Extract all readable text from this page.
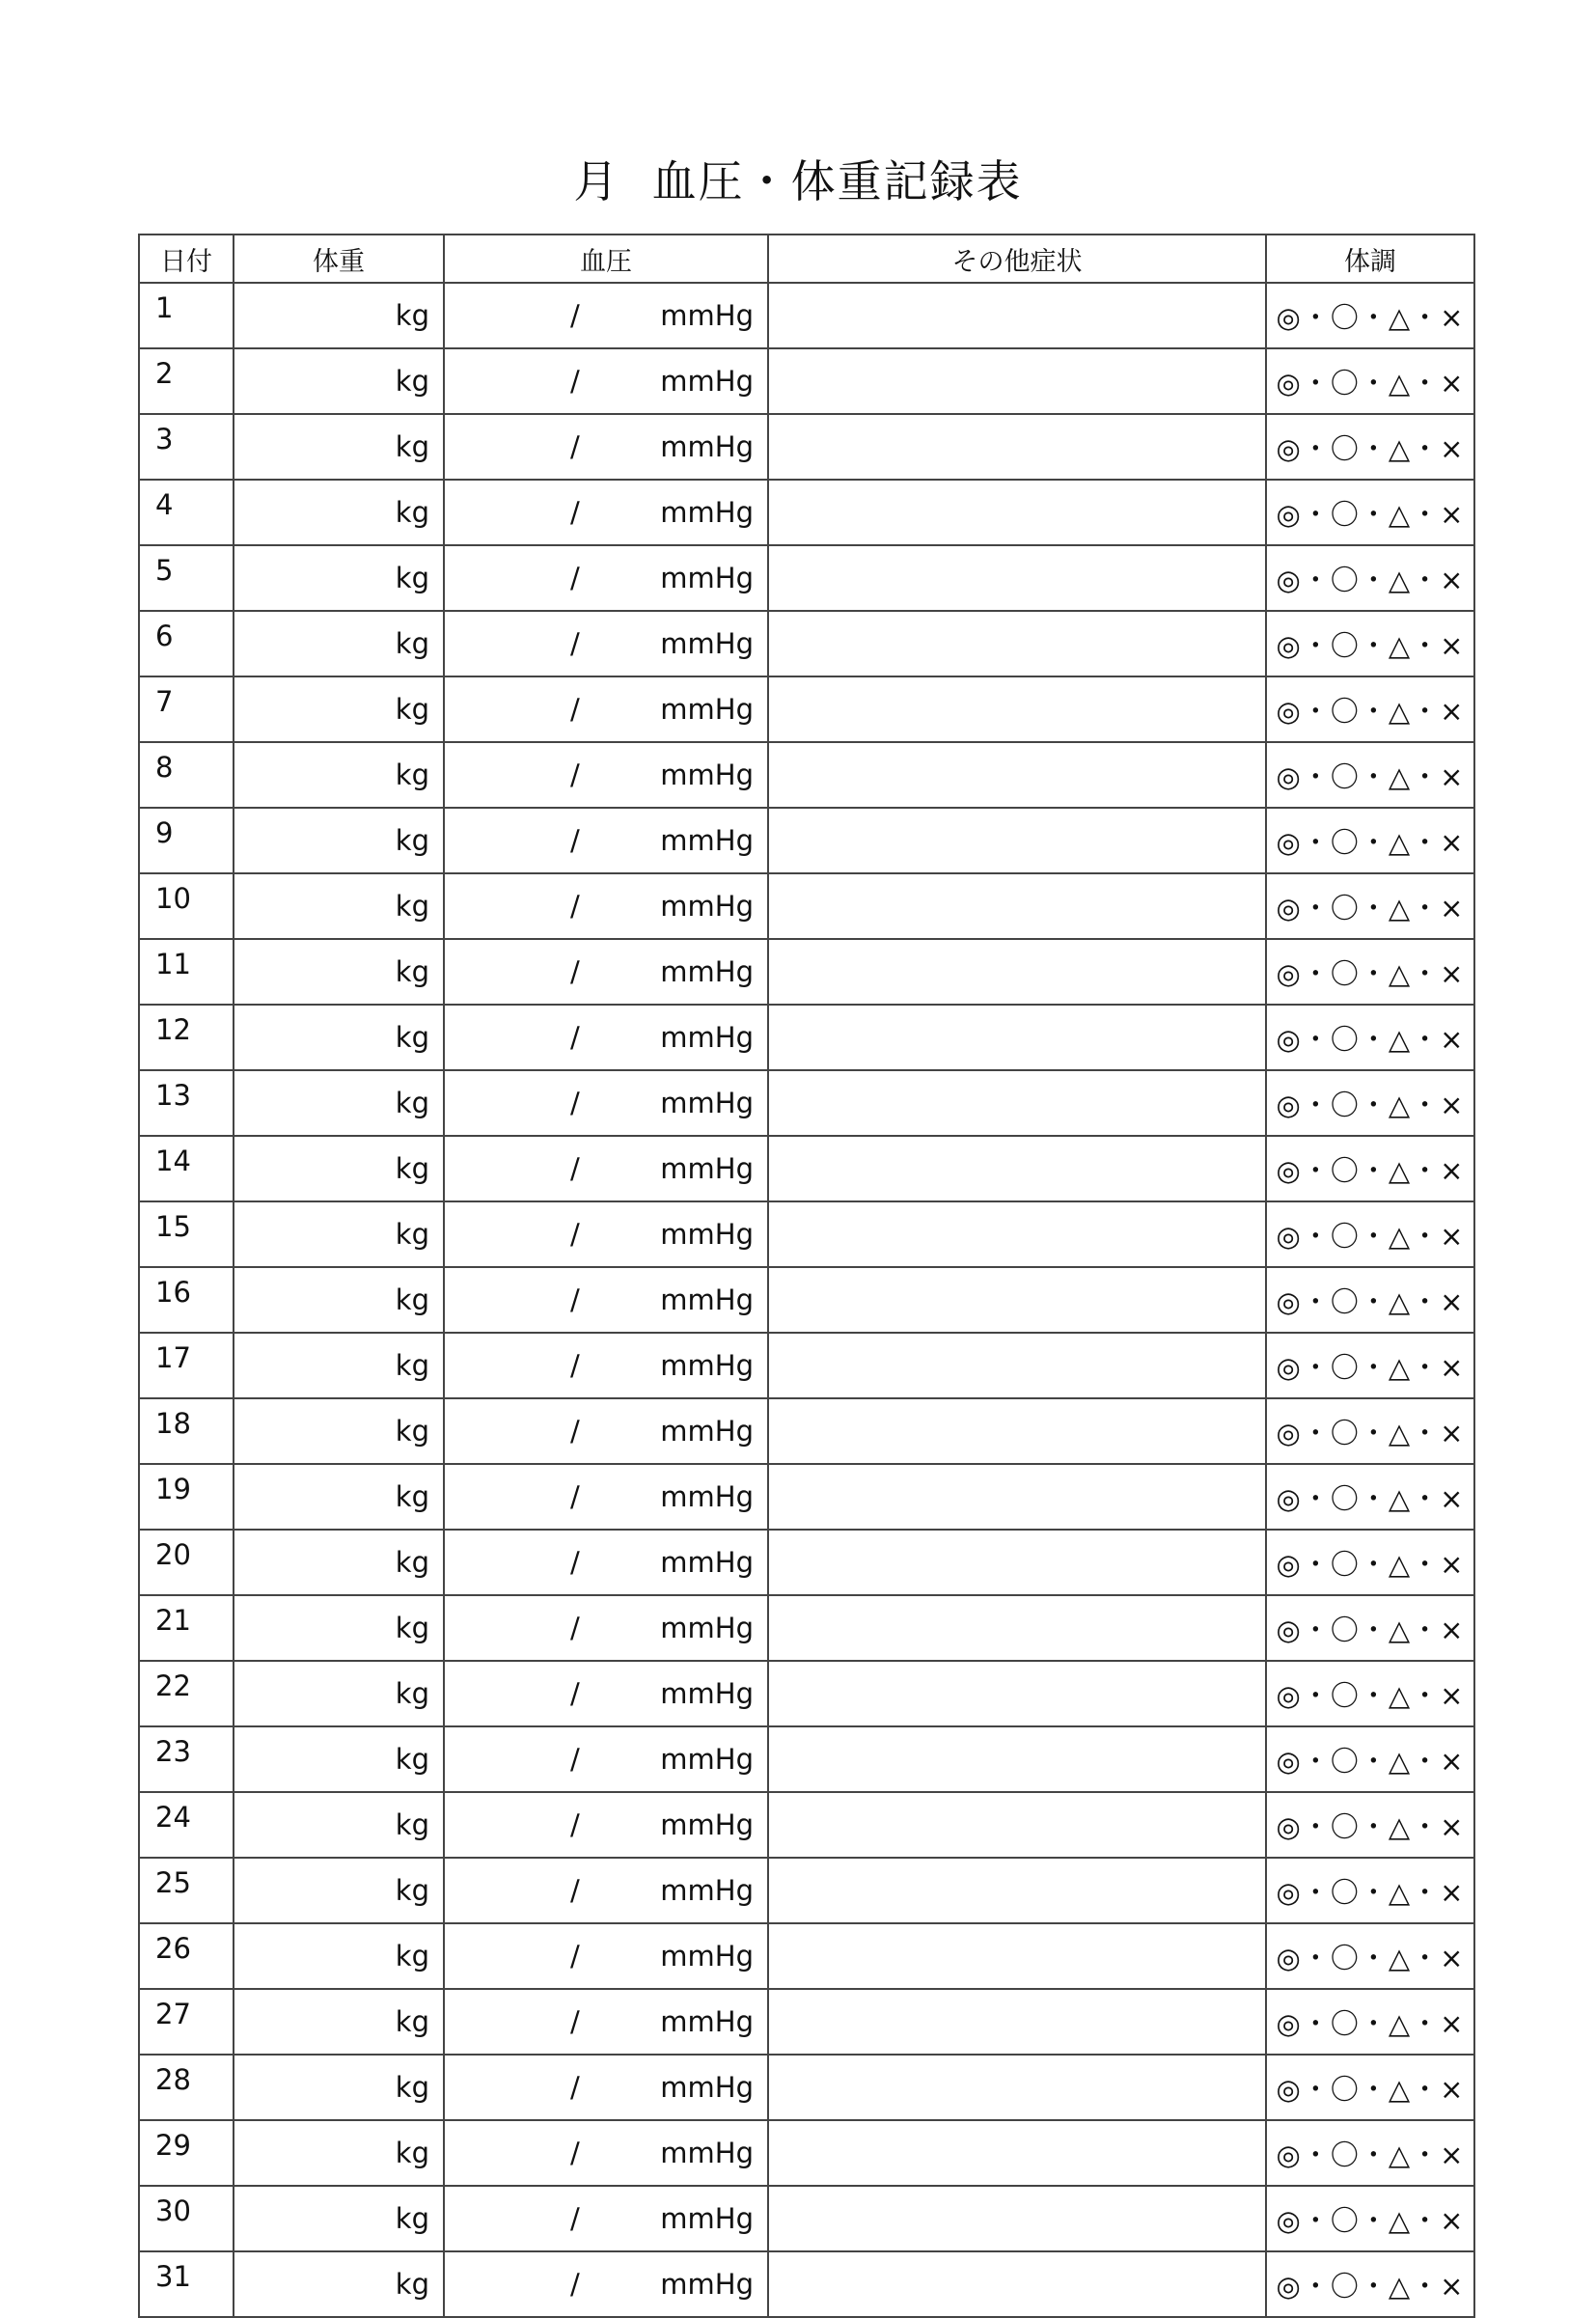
月  血圧・体重記録表
日付	体重	血圧	その他症状	体調
1	kg	/ mmHg		◎・〇・△・×
2	kg	/ mmHg		◎・〇・△・×
3	kg	/ mmHg		◎・〇・△・×
4	kg	/ mmHg		◎・〇・△・×
5	kg	/ mmHg		◎・〇・△・×
6	kg	/ mmHg		◎・〇・△・×
7	kg	/ mmHg		◎・〇・△・×
8	kg	/ mmHg		◎・〇・△・×
9	kg	/ mmHg		◎・〇・△・×
10	kg	/ mmHg		◎・〇・△・×
11	kg	/ mmHg		◎・〇・△・×
12	kg	/ mmHg		◎・〇・△・×
13	kg	/ mmHg		◎・〇・△・×
14	kg	/ mmHg		◎・〇・△・×
15	kg	/ mmHg		◎・〇・△・×
16	kg	/ mmHg		◎・〇・△・×
17	kg	/ mmHg		◎・〇・△・×
18	kg	/ mmHg		◎・〇・△・×
19	kg	/ mmHg		◎・〇・△・×
20	kg	/ mmHg		◎・〇・△・×
21	kg	/ mmHg		◎・〇・△・×
22	kg	/ mmHg		◎・〇・△・×
23	kg	/ mmHg		◎・〇・△・×
24	kg	/ mmHg		◎・〇・△・×
25	kg	/ mmHg		◎・〇・△・×
26	kg	/ mmHg		◎・〇・△・×
27	kg	/ mmHg		◎・〇・△・×
28	kg	/ mmHg		◎・〇・△・×
29	kg	/ mmHg		◎・〇・△・×
30	kg	/ mmHg		◎・〇・△・×
31	kg	/ mmHg		◎・〇・△・×
